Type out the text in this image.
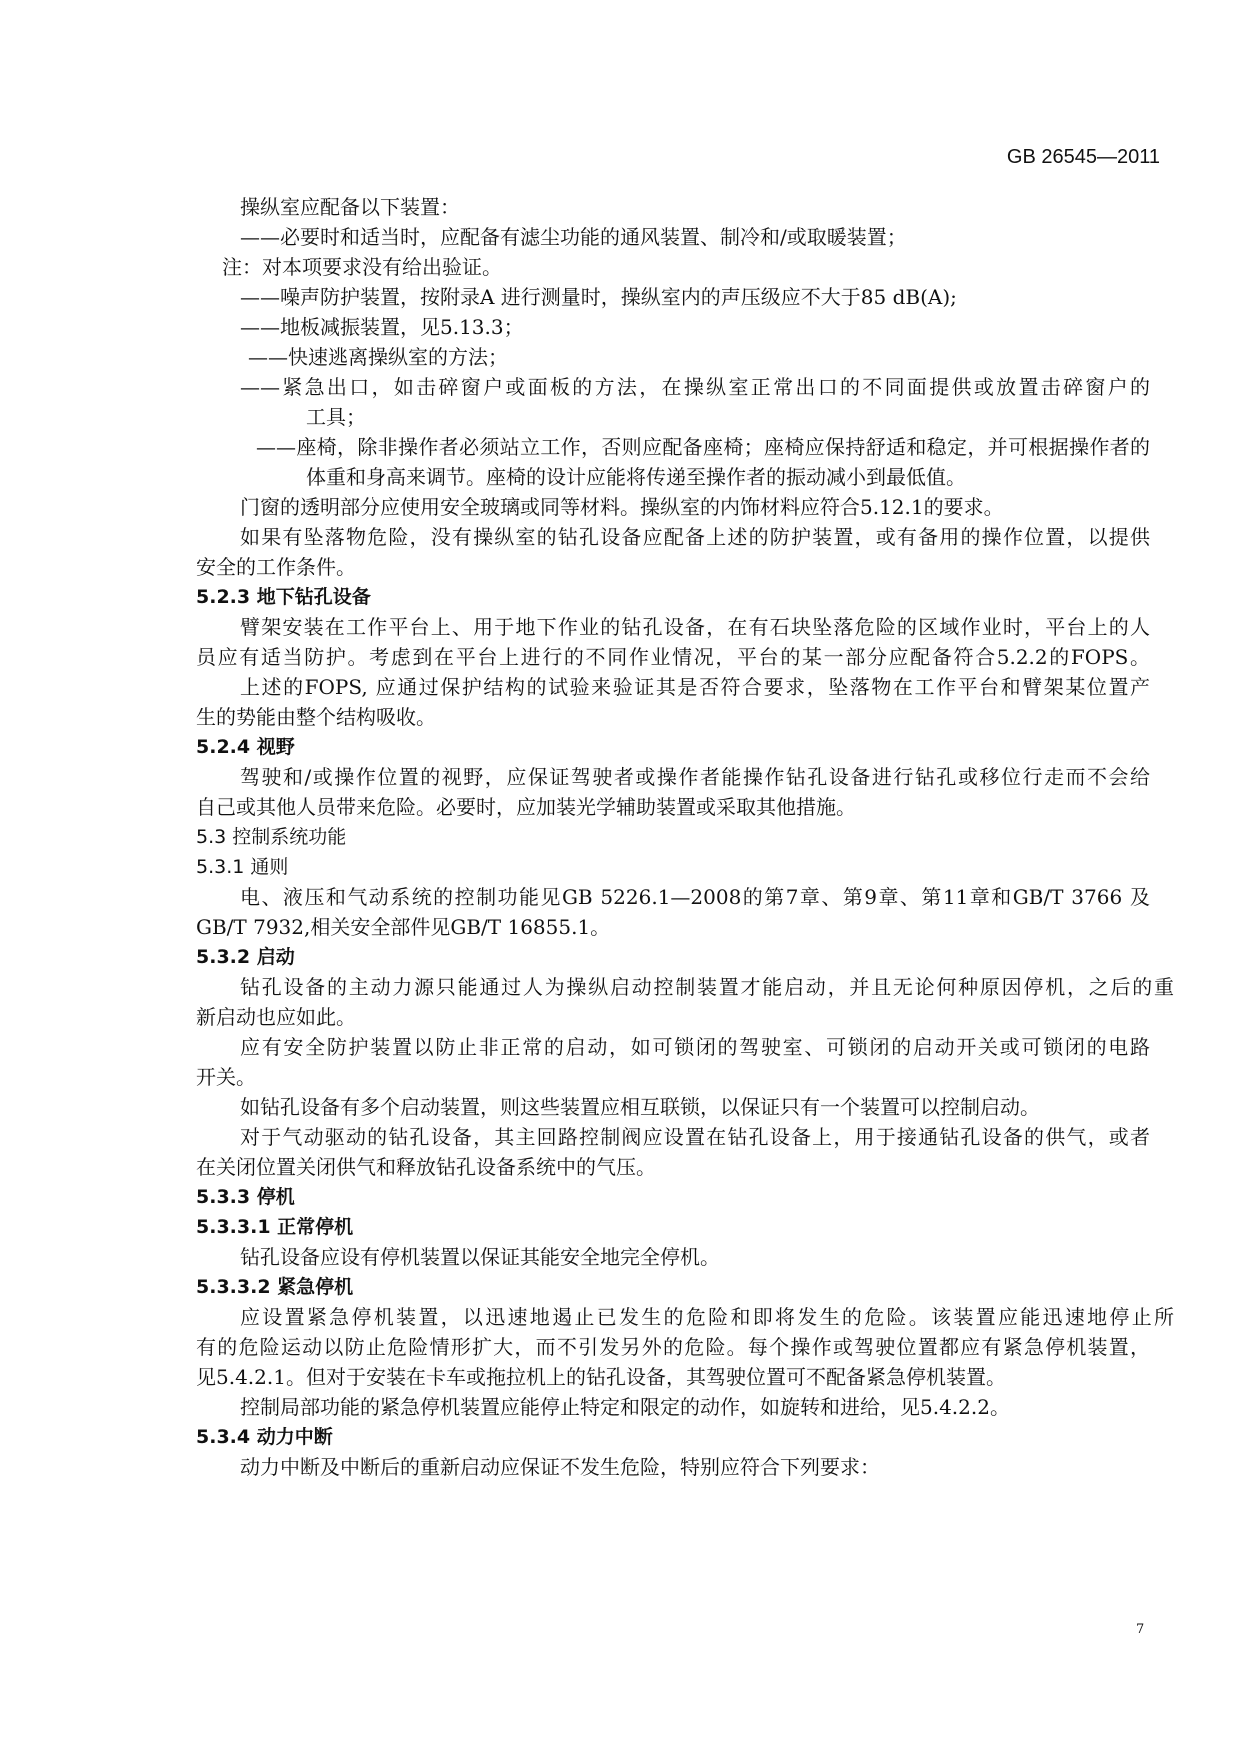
GB 26545—2011
操纵室应配备以下装置：
——必要时和适当时，应配备有滤尘功能的通风装置、制冷和/或取暖装置；
注：对本项要求没有给出验证。
——噪声防护装置，按附录A 进行测量时，操纵室内的声压级应不大于85 dB(A);
——地板减振装置，见5.13.3；
——快速逃离操纵室的方法；
——紧急出口，如击碎窗户或面板的方法，在操纵室正常出口的不同面提供或放置击碎窗户的
工具；
——座椅，除非操作者必须站立工作，否则应配备座椅；座椅应保持舒适和稳定，并可根据操作者的
体重和身高来调节。座椅的设计应能将传递至操作者的振动减小到最低值。
门窗的透明部分应使用安全玻璃或同等材料。操纵室的内饰材料应符合5.12.1的要求。
如果有坠落物危险，没有操纵室的钻孔设备应配备上述的防护装置，或有备用的操作位置，以提供
安全的工作条件。
5.2.3 地下钻孔设备
臂架安装在工作平台上、用于地下作业的钻孔设备，在有石块坠落危险的区域作业时，平台上的人
员应有适当防护。考虑到在平台上进行的不同作业情况，平台的某一部分应配备符合5.2.2的FOPS。
上述的FOPS, 应通过保护结构的试验来验证其是否符合要求，坠落物在工作平台和臂架某位置产
生的势能由整个结构吸收。
5.2.4 视野
驾驶和/或操作位置的视野，应保证驾驶者或操作者能操作钻孔设备进行钻孔或移位行走而不会给
自己或其他人员带来危险。必要时，应加装光学辅助装置或采取其他措施。
5.3 控制系统功能
5.3.1 通则
电、液压和气动系统的控制功能见GB 5226.1—2008的第7章、第9章、第11章和GB/T 3766 及
GB/T 7932,相关安全部件见GB/T 16855.1。
5.3.2 启动
钻孔设备的主动力源只能通过人为操纵启动控制装置才能启动，并且无论何种原因停机，之后的重
新启动也应如此。
应有安全防护装置以防止非正常的启动，如可锁闭的驾驶室、可锁闭的启动开关或可锁闭的电路
开关。
如钻孔设备有多个启动装置，则这些装置应相互联锁，以保证只有一个装置可以控制启动。
对于气动驱动的钻孔设备，其主回路控制阀应设置在钻孔设备上，用于接通钻孔设备的供气，或者
在关闭位置关闭供气和释放钻孔设备系统中的气压。
5.3.3 停机
5.3.3.1 正常停机
钻孔设备应设有停机装置以保证其能安全地完全停机。
5.3.3.2 紧急停机
应设置紧急停机装置，以迅速地遏止已发生的危险和即将发生的危险。该装置应能迅速地停止所
有的危险运动以防止危险情形扩大，而不引发另外的危险。每个操作或驾驶位置都应有紧急停机装置，
见5.4.2.1。但对于安装在卡车或拖拉机上的钻孔设备，其驾驶位置可不配备紧急停机装置。
控制局部功能的紧急停机装置应能停止特定和限定的动作，如旋转和进给，见5.4.2.2。
5.3.4 动力中断
动力中断及中断后的重新启动应保证不发生危险，特别应符合下列要求：
7
